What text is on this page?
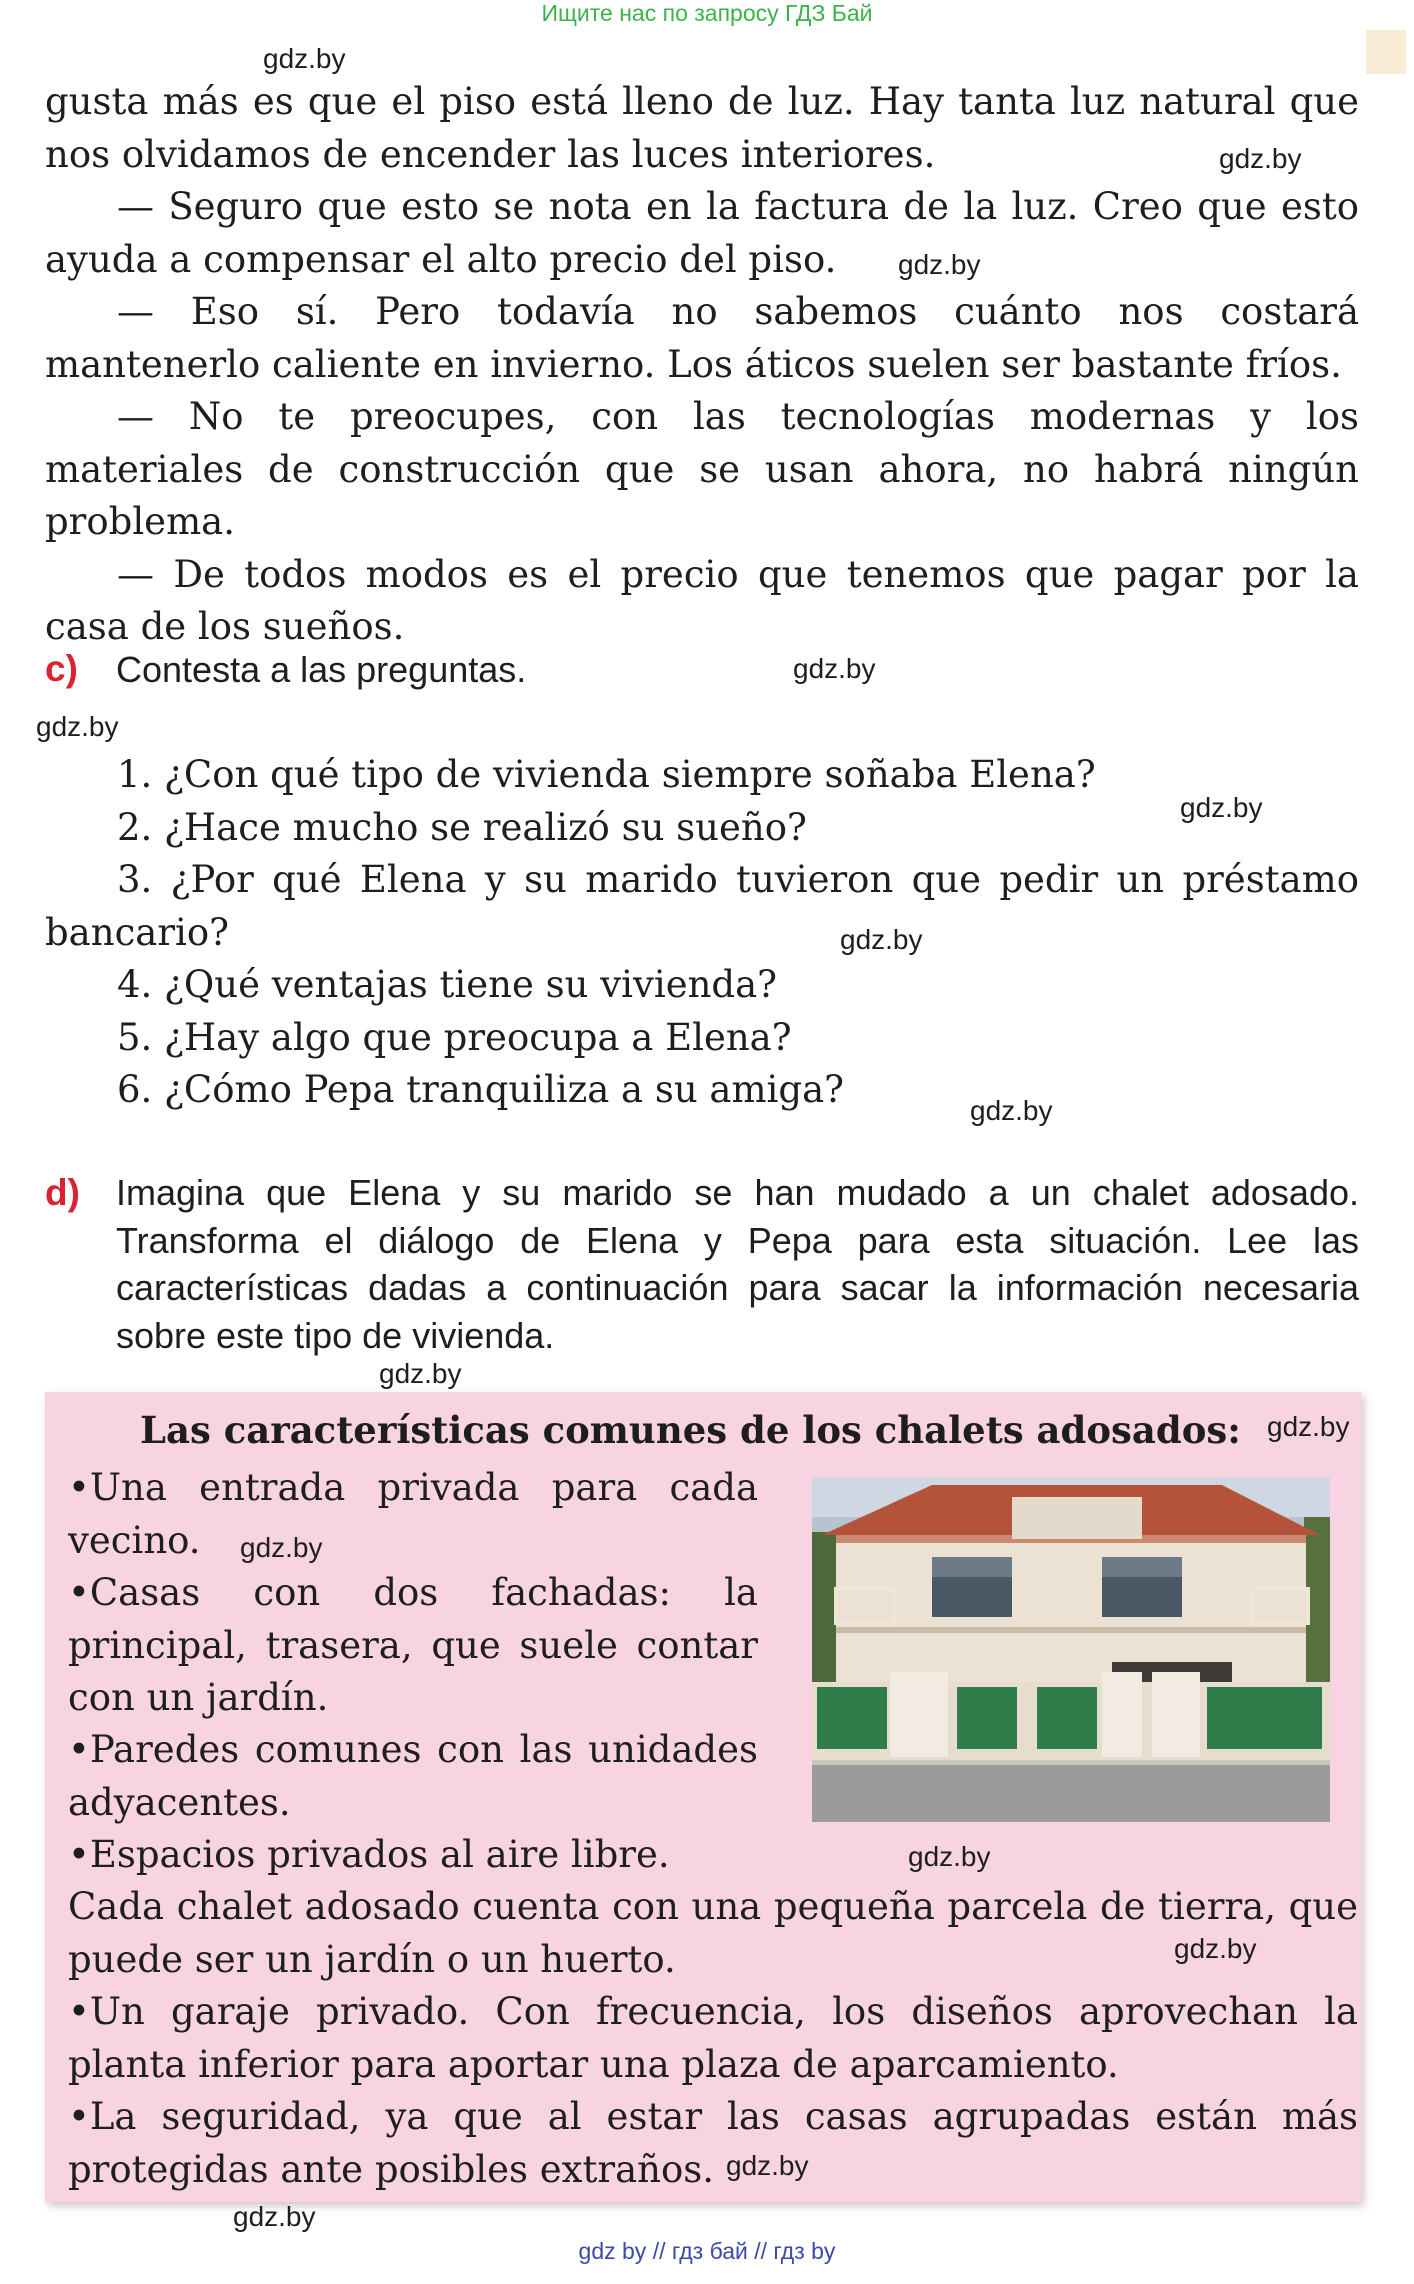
Ищите нас по запросу ГДЗ Бай

gusta más es que el piso está lleno de luz. Hay tanta luz natural que nos olvidamos de encender las luces interiores.

— Seguro que esto se nota en la factura de la luz. Creo que esto ayuda a compensar el alto precio del piso.

— Eso sí. Pero todavía no sabemos cuánto nos costará mantenerlo caliente en invierno. Los áticos suelen ser bastante fríos.

— No te preocupes, con las tecnologías modernas y los materiales de construcción que se usan ahora, no habrá ningún problema.

— De todos modos es el precio que tenemos que pagar por la casa de los sueños.

c) Contesta a las preguntas.

1. ¿Con qué tipo de vivienda siempre soñaba Elena?

2. ¿Hace mucho se realizó su sueño?

3. ¿Por qué Elena y su marido tuvieron que pedir un préstamo bancario?

4. ¿Qué ventajas tiene su vivienda?

5. ¿Hay algo que preocupa a Elena?

6. ¿Cómo Pepa tranquiliza a su amiga?

d) Imagina que Elena y su marido se han mudado a un chalet adosado. Transforma el diálogo de Elena y Pepa para esta situación. Lee las características dadas a continuación para sacar la información necesaria sobre este tipo de vivienda.
Las características comunes de los chalets adosados:
•Una entrada privada para cada vecino.
•Casas con dos fachadas: la principal, trasera, que suele contar con un jardín.
•Paredes comunes con las unidades adyacentes.
•Espacios privados al aire libre.
Cada chalet adosado cuenta con una pequeña parcela de tierra, que puede ser un jardín o un huerto.
•Un garaje privado. Con frecuencia, los diseños aprovechan la planta inferior para aportar una plaza de aparcamiento.
•La seguridad, ya que al estar las casas agrupadas están más protegidas ante posibles extraños.
gdz.by
gdz.by
gdz.by
gdz.by
gdz.by
gdz.by
gdz.by
gdz.by
gdz.by
gdz.by
gdz.by
gdz.by
gdz.by
gdz.by
gdz.by
gdz by // гдз бай // гдз by
